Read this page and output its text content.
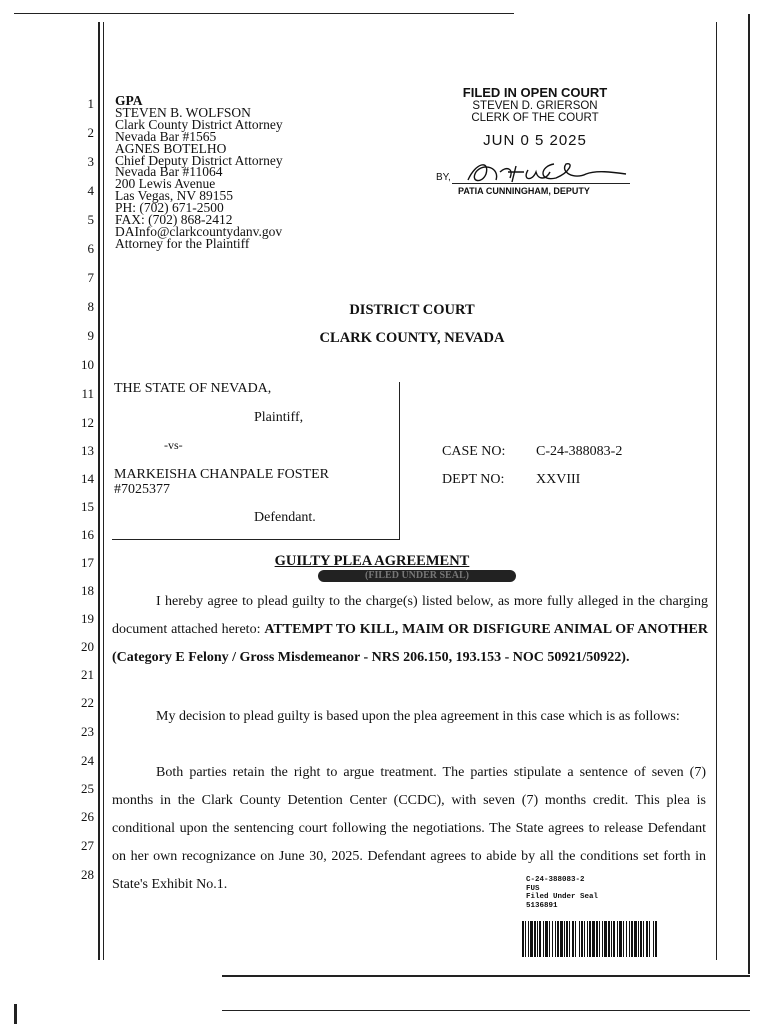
1
2
3
4
5
6
7
8
9
10
11
12
13
14
15
16
17
18
19
20
21
22
23
24
25
26
27
28
GPA
STEVEN B. WOLFSON
Clark County District Attorney
Nevada Bar #1565
AGNES BOTELHO
Chief Deputy District Attorney
Nevada Bar #11064
200 Lewis Avenue
Las Vegas, NV 89155
PH: (702) 671-2500
FAX: (702) 868-2412
DAInfo@clarkcountydanv.gov
Attorney for the Plaintiff
FILED IN OPEN COURT
STEVEN D. GRIERSON
CLERK OF THE COURT
JUN 0 5 2025
BY,
PATIA CUNNINGHAM, DEPUTY
DISTRICT COURT
CLARK COUNTY, NEVADA
THE STATE OF NEVADA,
Plaintiff,
-vs-
MARKEISHA CHANPALE FOSTER
#7025377
Defendant.
CASE NO: C-24-388083-2
DEPT NO: XXVIII
GUILTY PLEA AGREEMENT
(FILED UNDER SEAL)
I hereby agree to plead guilty to the charge(s) listed below, as more fully alleged in the charging document attached hereto: ATTEMPT TO KILL, MAIM OR DISFIGURE ANIMAL OF ANOTHER (Category E Felony / Gross Misdemeanor - NRS 206.150, 193.153 - NOC 50921/50922).
My decision to plead guilty is based upon the plea agreement in this case which is as follows:
Both parties retain the right to argue treatment. The parties stipulate a sentence of seven (7) months in the Clark County Detention Center (CCDC), with seven (7) months credit. This plea is conditional upon the sentencing court following the negotiations. The State agrees to release Defendant on her own recognizance on June 30, 2025. Defendant agrees to abide by all the conditions set forth in State's Exhibit No.1.	C-24-388083-2
FUS
Filed Under Seal
5136891
